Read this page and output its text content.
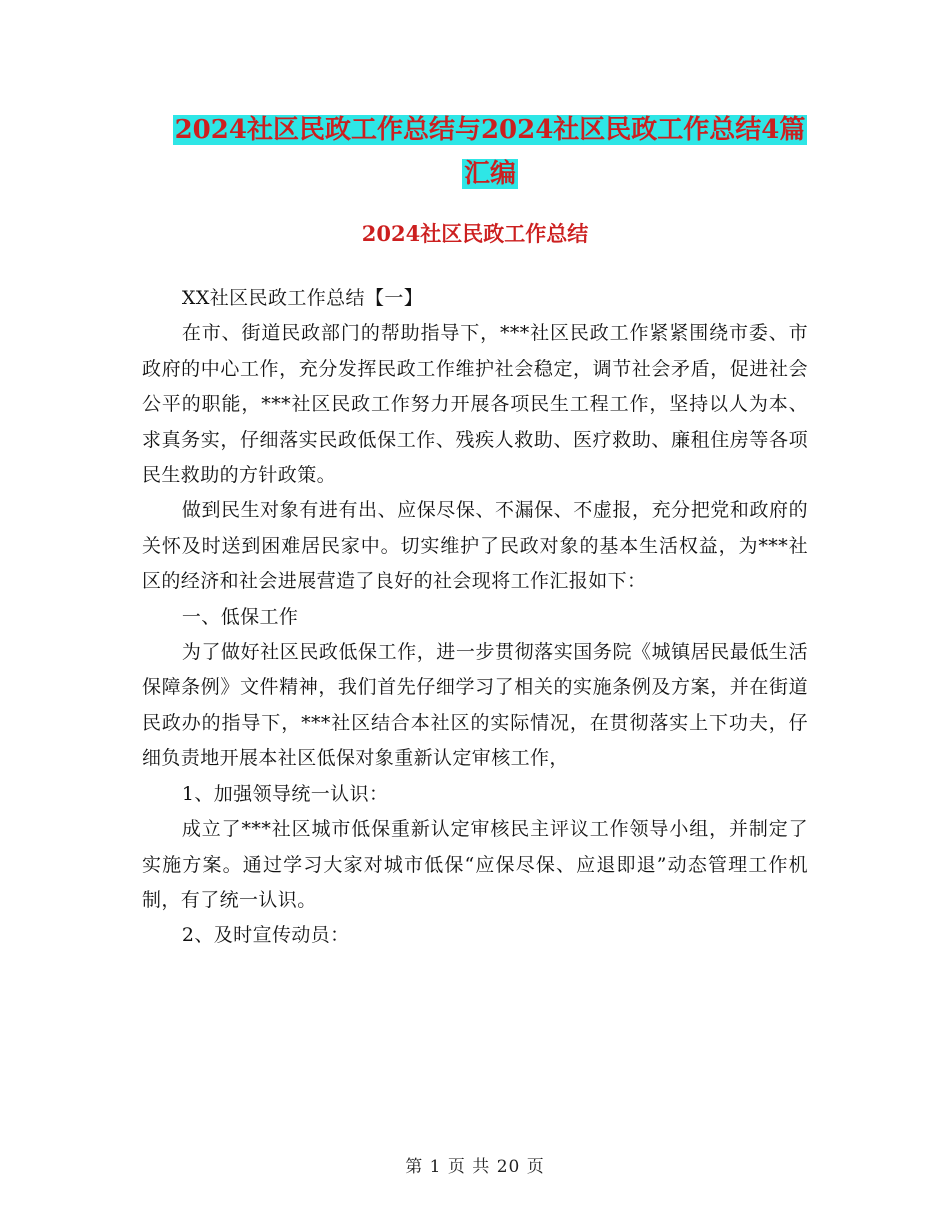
2024社区民政工作总结与2024社区民政工作总结4篇
汇编
2024社区民政工作总结

XX社区民政工作总结【一】

在市、街道民政部门的帮助指导下，***社区民政工作紧紧围绕市委、市政府的中心工作，充分发挥民政工作维护社会稳定，调节社会矛盾，促进社会公平的职能，***社区民政工作努力开展各项民生工程工作，坚持以人为本、求真务实，仔细落实民政低保工作、残疾人救助、医疗救助、廉租住房等各项民生救助的方针政策。

做到民生对象有进有出、应保尽保、不漏保、不虚报，充分把党和政府的关怀及时送到困难居民家中。切实维护了民政对象的基本生活权益，为***社区的经济和社会进展营造了良好的社会现将工作汇报如下：

一、低保工作

为了做好社区民政低保工作，进一步贯彻落实国务院《城镇居民最低生活保障条例》文件精神，我们首先仔细学习了相关的实施条例及方案，并在街道民政办的指导下，***社区结合本社区的实际情况，在贯彻落实上下功夫，仔细负责地开展本社区低保对象重新认定审核工作，

1、加强领导统一认识：

成立了***社区城市低保重新认定审核民主评议工作领导小组，并制定了实施方案。通过学习大家对城市低保“应保尽保、应退即退”动态管理工作机制，有了统一认识。

2、及时宣传动员：

第 1 页 共 20 页
